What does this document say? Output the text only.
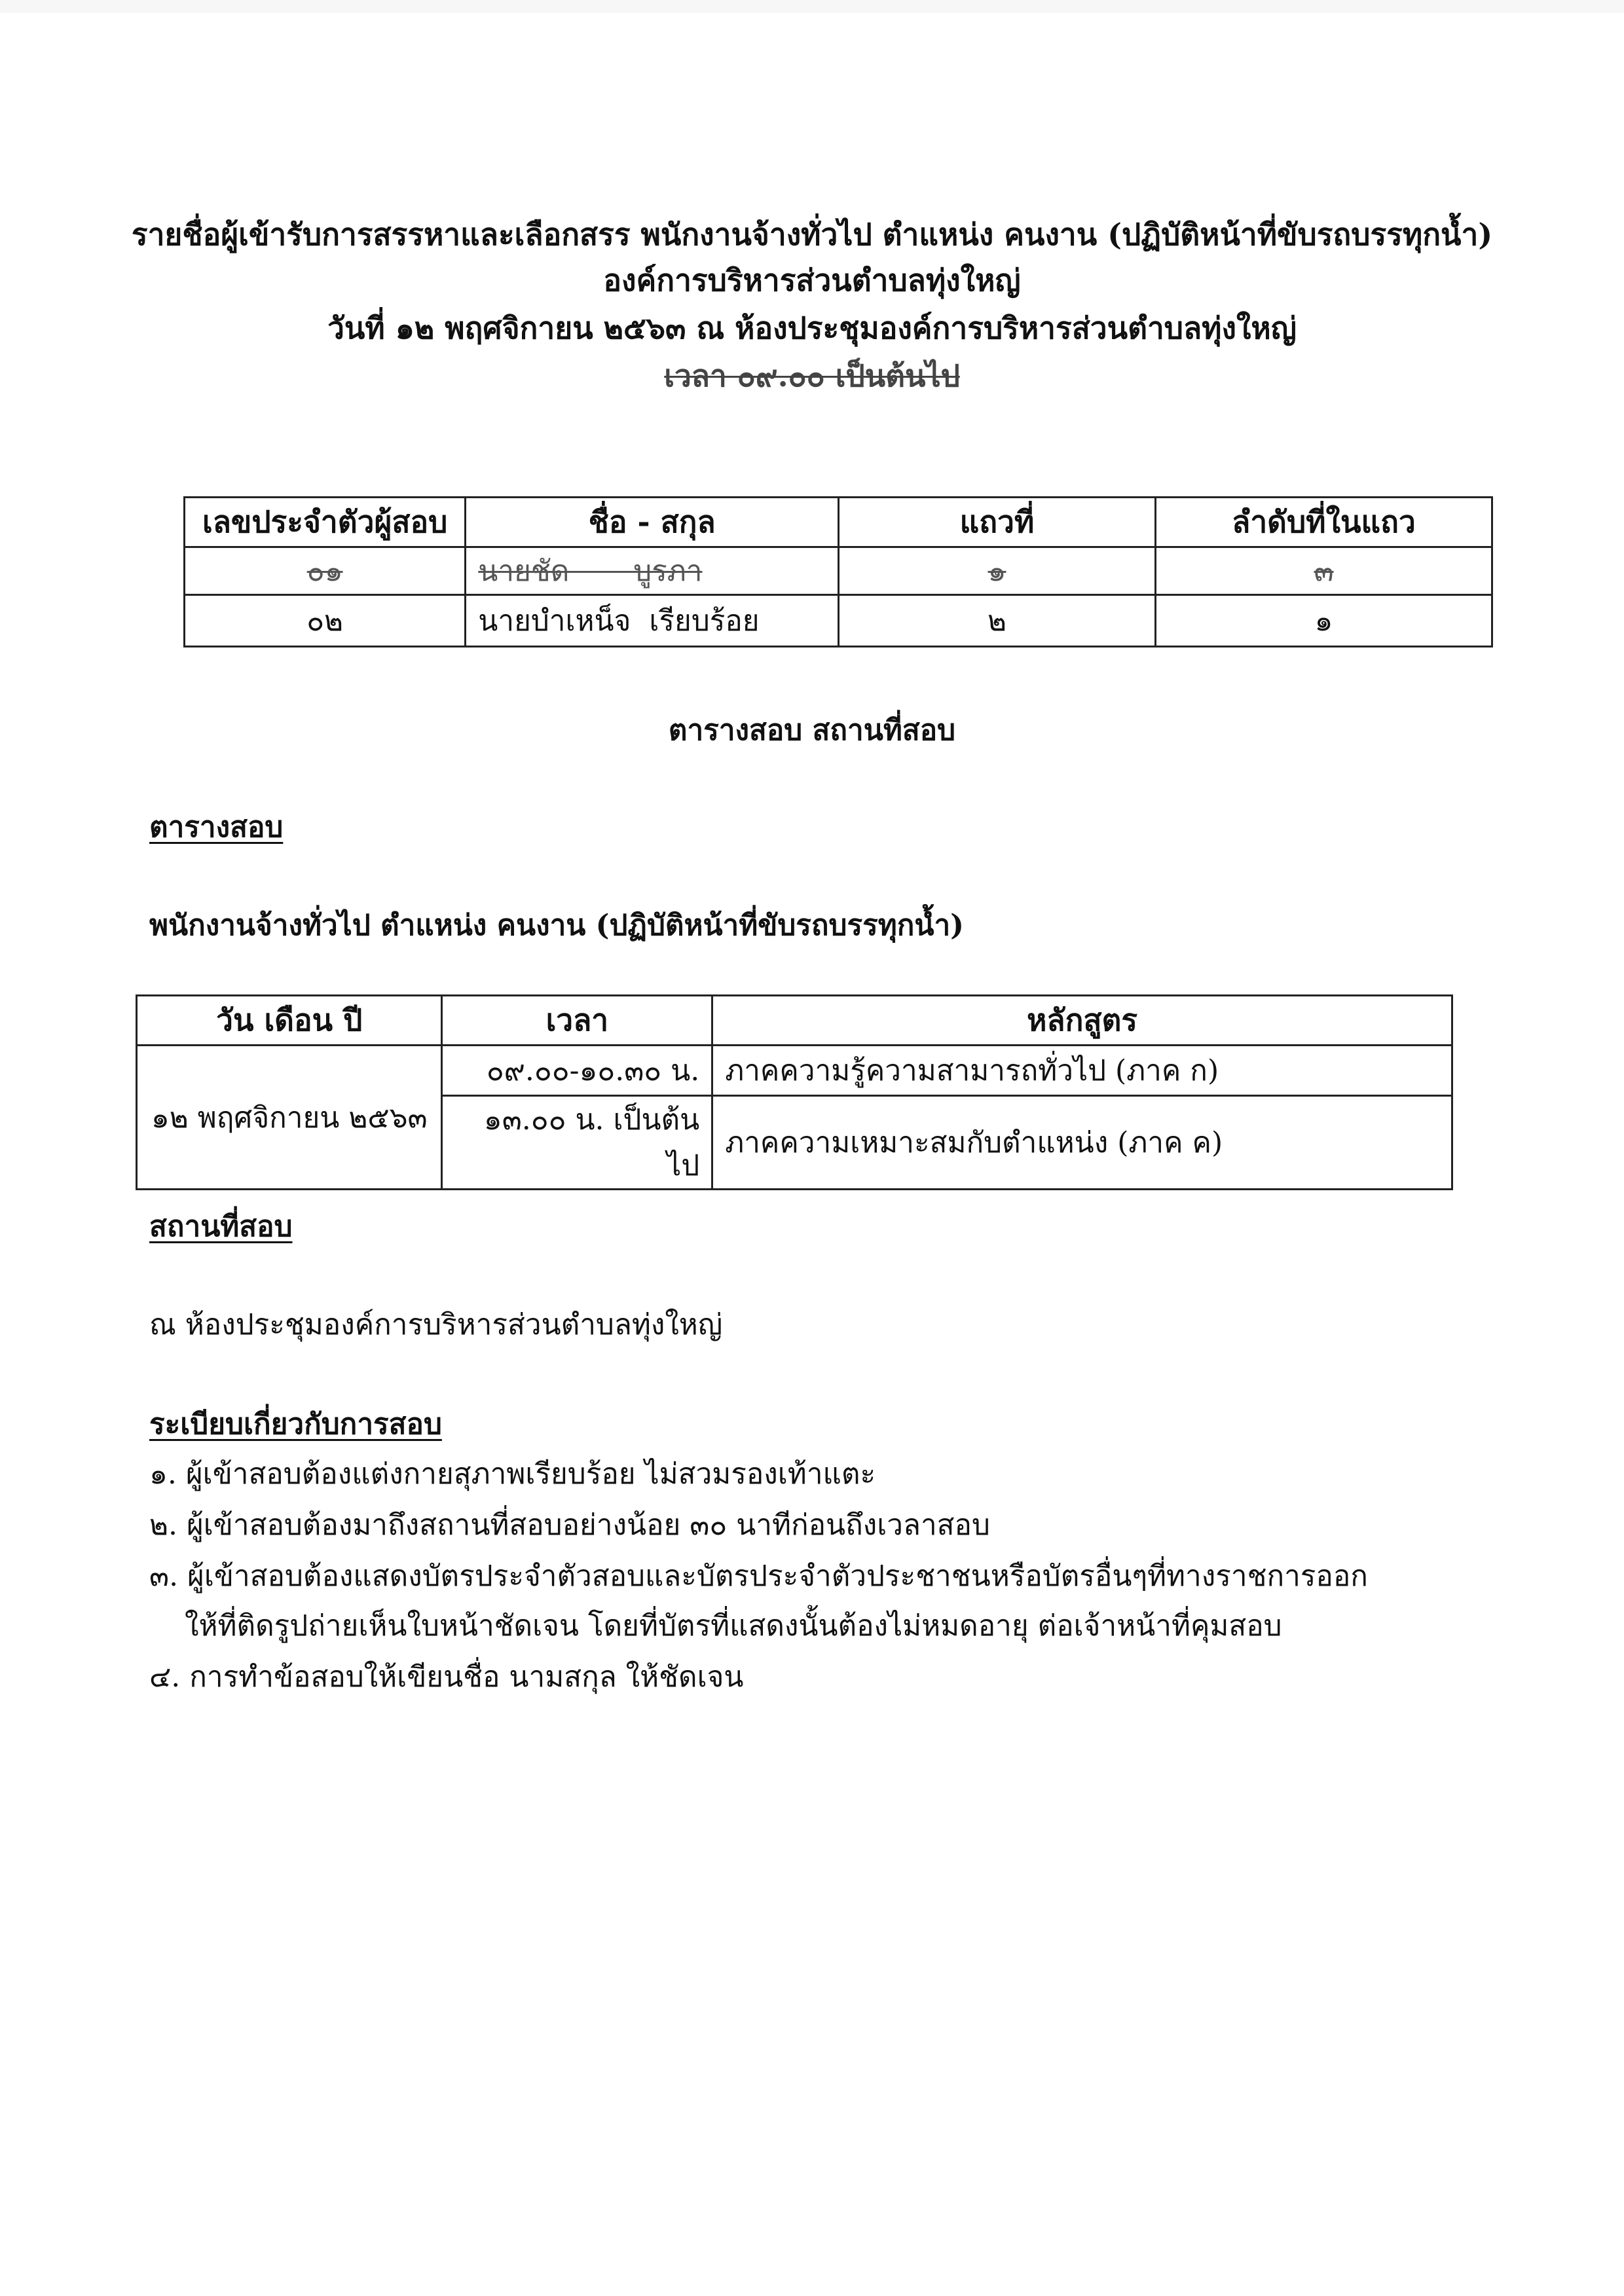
รายชื่อผู้เข้ารับการสรรหาและเลือกสรร พนักงานจ้างทั่วไป ตำแหน่ง คนงาน (ปฏิบัติหน้าที่ขับรถบรรทุกน้ำ)
องค์การบริหารส่วนตำบลทุ่งใหญ่
วันที่ ๑๒ พฤศจิกายน ๒๕๖๓ ณ ห้องประชุมองค์การบริหารส่วนตำบลทุ่งใหญ่
เวลา ๐๙.๐๐ เป็นต้นไป
เลขประจำตัวผู้สอบ	ชื่อ - สกุล	แถวที่	ลำดับที่ในแถว
๐๑	นายชัด       บูรภา	๑	๓
๐๒	นายบำเหน็จ  เรียบร้อย	๒	๑
ตารางสอบ สถานที่สอบ
ตารางสอบ
พนักงานจ้างทั่วไป ตำแหน่ง คนงาน (ปฏิบัติหน้าที่ขับรถบรรทุกน้ำ)
วัน เดือน ปี	เวลา	หลักสูตร
๑๒ พฤศจิกายน ๒๕๖๓	๐๙.๐๐-๑๐.๓๐ น.	ภาคความรู้ความสามารถทั่วไป (ภาค ก)
	๑๓.๐๐ น. เป็นต้นไป	ภาคความเหมาะสมกับตำแหน่ง (ภาค ค)
สถานที่สอบ
ณ ห้องประชุมองค์การบริหารส่วนตำบลทุ่งใหญ่
ระเบียบเกี่ยวกับการสอบ
๑. ผู้เข้าสอบต้องแต่งกายสุภาพเรียบร้อย ไม่สวมรองเท้าแตะ
๒. ผู้เข้าสอบต้องมาถึงสถานที่สอบอย่างน้อย ๓๐ นาทีก่อนถึงเวลาสอบ
๓. ผู้เข้าสอบต้องแสดงบัตรประจำตัวสอบและบัตรประจำตัวประชาชนหรือบัตรอื่นๆที่ทางราชการออก
ให้ที่ติดรูปถ่ายเห็นใบหน้าชัดเจน โดยที่บัตรที่แสดงนั้นต้องไม่หมดอายุ ต่อเจ้าหน้าที่คุมสอบ
๔. การทำข้อสอบให้เขียนชื่อ นามสกุล ให้ชัดเจน
